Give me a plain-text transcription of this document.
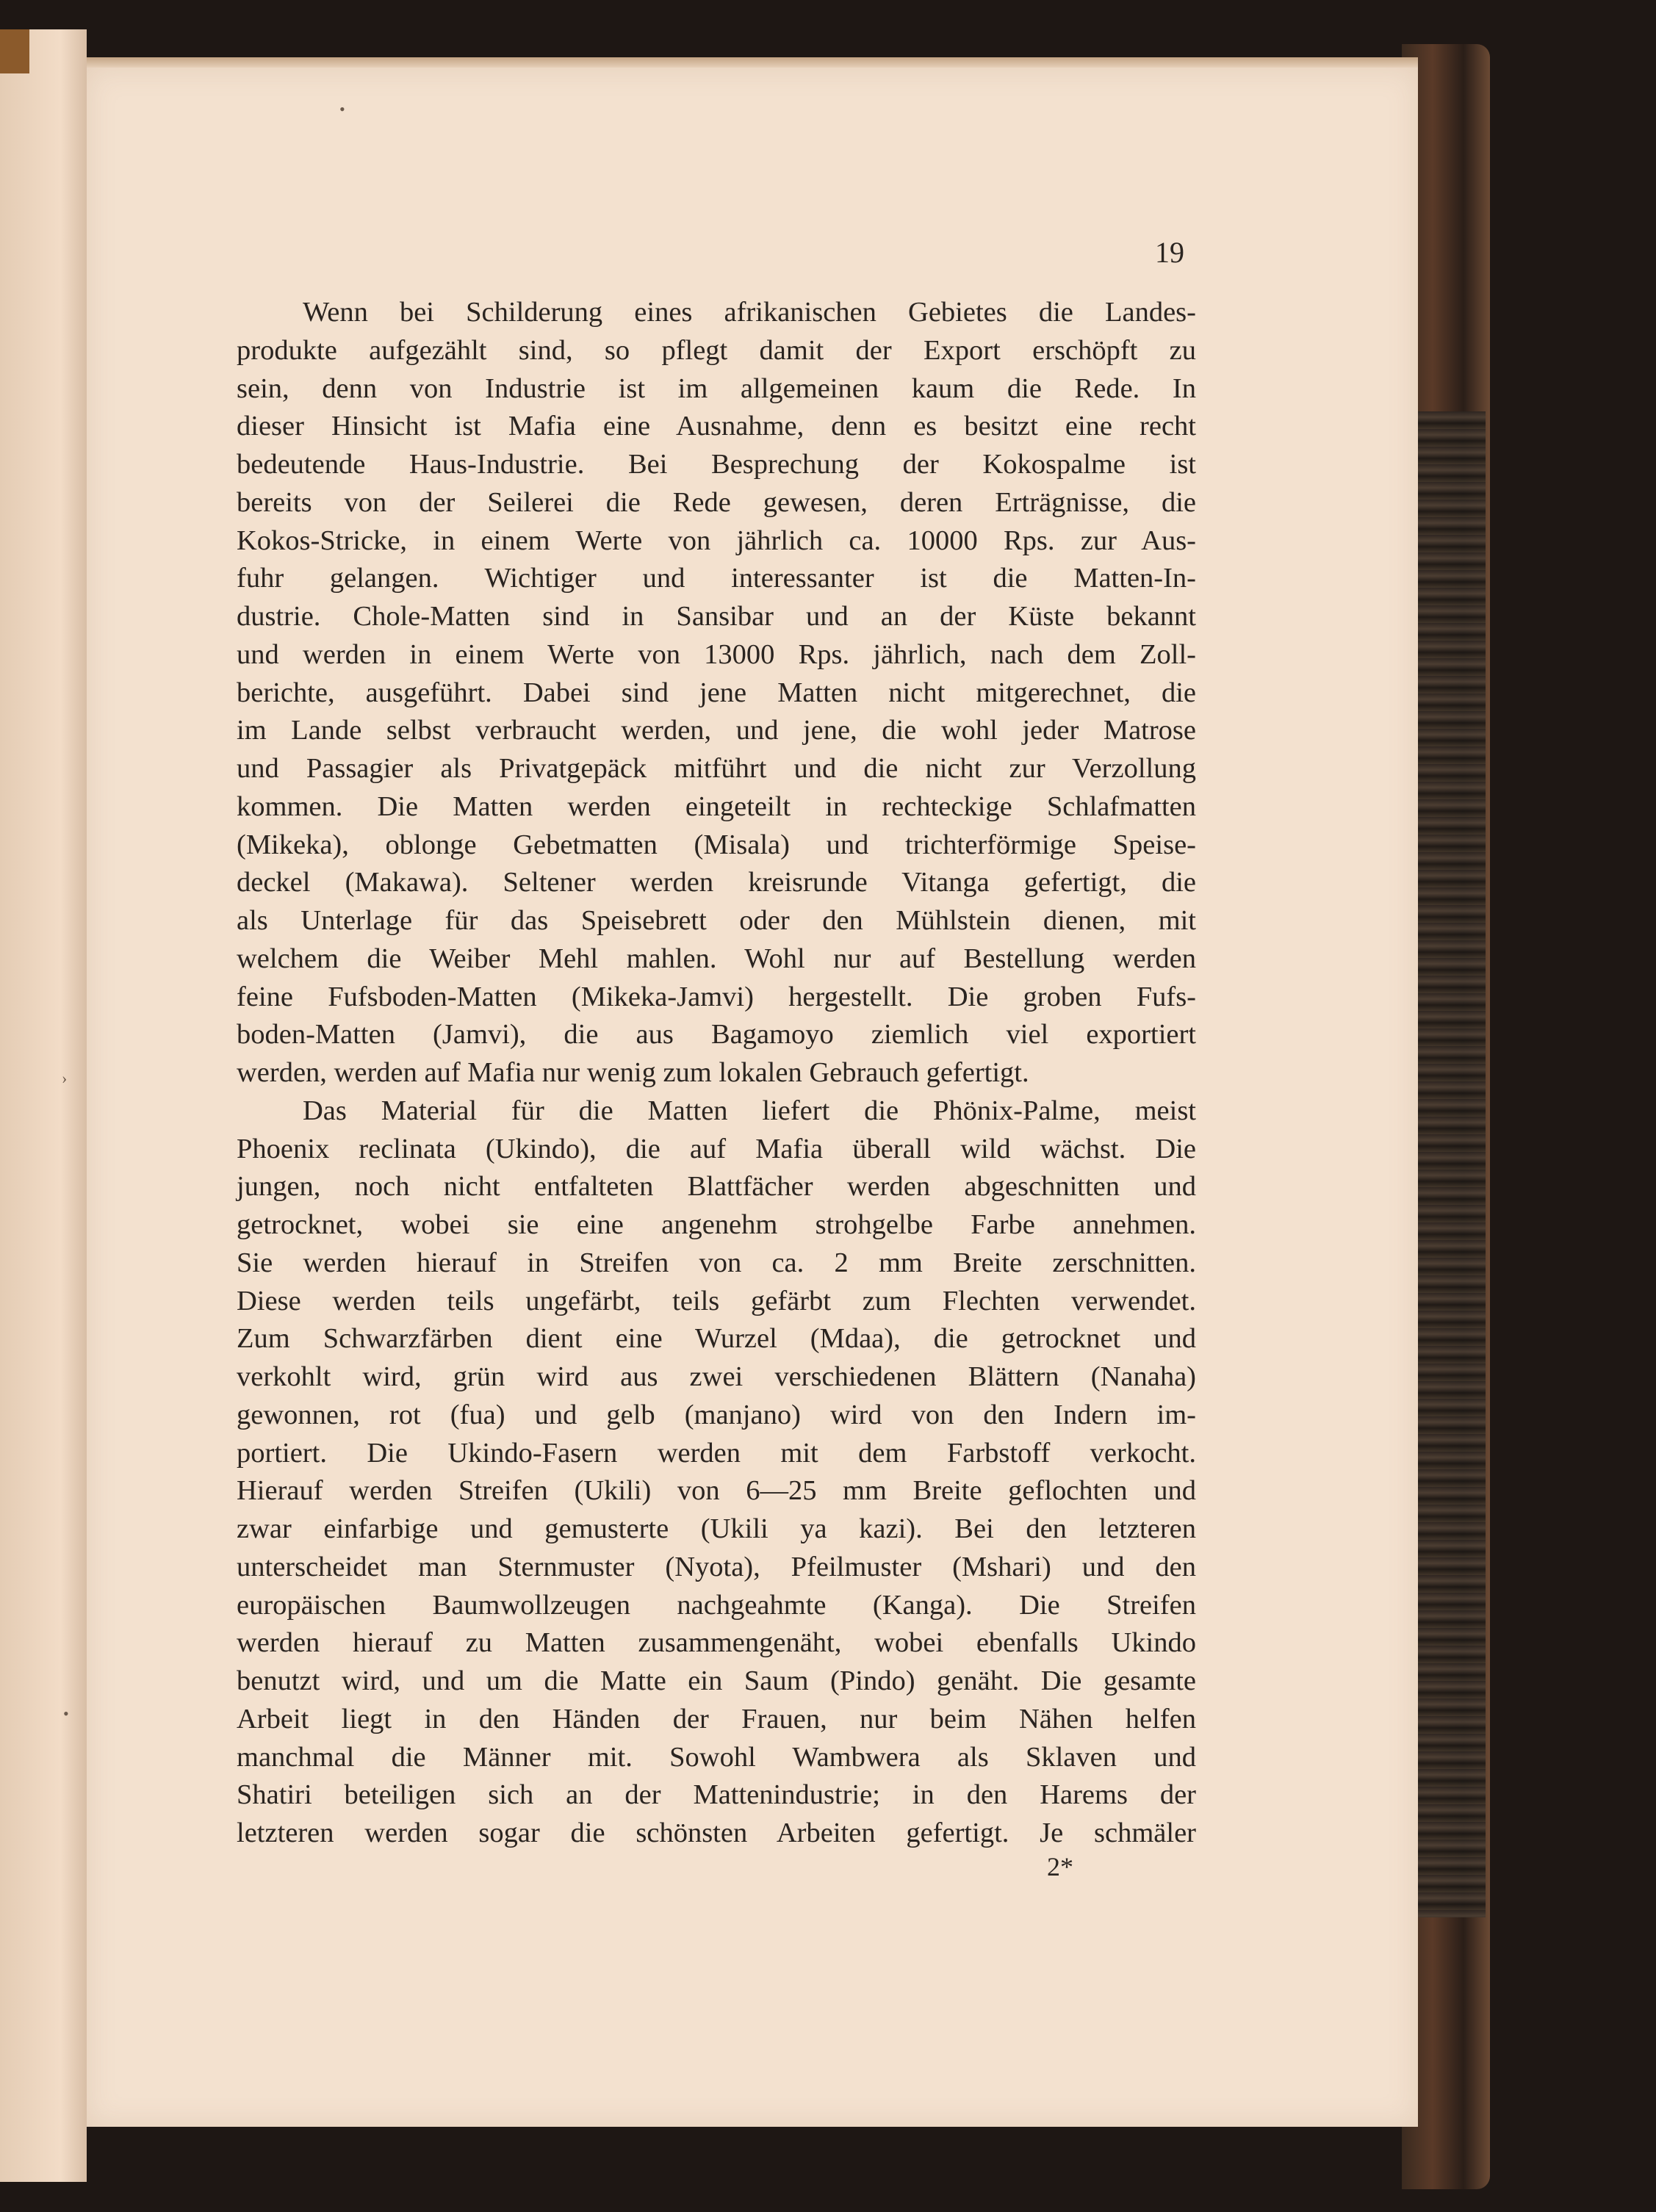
19
Wenn bei Schilderung eines afrikanischen Gebietes die Landes-
produkte aufgezählt sind, so pflegt damit der Export erschöpft zu
sein, denn von Industrie ist im allgemeinen kaum die Rede. In
dieser Hinsicht ist Mafia eine Ausnahme, denn es besitzt eine recht
bedeutende Haus-Industrie. Bei Besprechung der Kokospalme ist
bereits von der Seilerei die Rede gewesen, deren Erträgnisse, die
Kokos-Stricke, in einem Werte von jährlich ca. 10000 Rps. zur Aus-
fuhr gelangen. Wichtiger und interessanter ist die Matten-In-
dustrie. Chole-Matten sind in Sansibar und an der Küste bekannt
und werden in einem Werte von 13000 Rps. jährlich, nach dem Zoll-
berichte, ausgeführt. Dabei sind jene Matten nicht mitgerechnet, die
im Lande selbst verbraucht werden, und jene, die wohl jeder Matrose
und Passagier als Privatgepäck mitführt und die nicht zur Verzollung
kommen. Die Matten werden eingeteilt in rechteckige Schlafmatten
(Mikeka), oblonge Gebetmatten (Misala) und trichterförmige Speise-
deckel (Makawa). Seltener werden kreisrunde Vitanga gefertigt, die
als Unterlage für das Speisebrett oder den Mühlstein dienen, mit
welchem die Weiber Mehl mahlen. Wohl nur auf Bestellung werden
feine Fufsboden-Matten (Mikeka-Jamvi) hergestellt. Die groben Fufs-
boden-Matten (Jamvi), die aus Bagamoyo ziemlich viel exportiert
werden, werden auf Mafia nur wenig zum lokalen Gebrauch gefertigt.
Das Material für die Matten liefert die Phönix-Palme, meist
Phoenix reclinata (Ukindo), die auf Mafia überall wild wächst. Die
jungen, noch nicht entfalteten Blattfächer werden abgeschnitten und
getrocknet, wobei sie eine angenehm strohgelbe Farbe annehmen.
Sie werden hierauf in Streifen von ca. 2 mm Breite zerschnitten.
Diese werden teils ungefärbt, teils gefärbt zum Flechten verwendet.
Zum Schwarzfärben dient eine Wurzel (Mdaa), die getrocknet und
verkohlt wird, grün wird aus zwei verschiedenen Blättern (Nanaha)
gewonnen, rot (fua) und gelb (manjano) wird von den Indern im-
portiert. Die Ukindo-Fasern werden mit dem Farbstoff verkocht.
Hierauf werden Streifen (Ukili) von 6—25 mm Breite geflochten und
zwar einfarbige und gemusterte (Ukili ya kazi). Bei den letzteren
unterscheidet man Sternmuster (Nyota), Pfeilmuster (Mshari) und den
europäischen Baumwollzeugen nachgeahmte (Kanga). Die Streifen
werden hierauf zu Matten zusammengenäht, wobei ebenfalls Ukindo
benutzt wird, und um die Matte ein Saum (Pindo) genäht. Die gesamte
Arbeit liegt in den Händen der Frauen, nur beim Nähen helfen
manchmal die Männer mit. Sowohl Wambwera als Sklaven und
Shatiri beteiligen sich an der Mattenindustrie; in den Harems der
letzteren werden sogar die schönsten Arbeiten gefertigt. Je schmäler
2*
•
›
•
